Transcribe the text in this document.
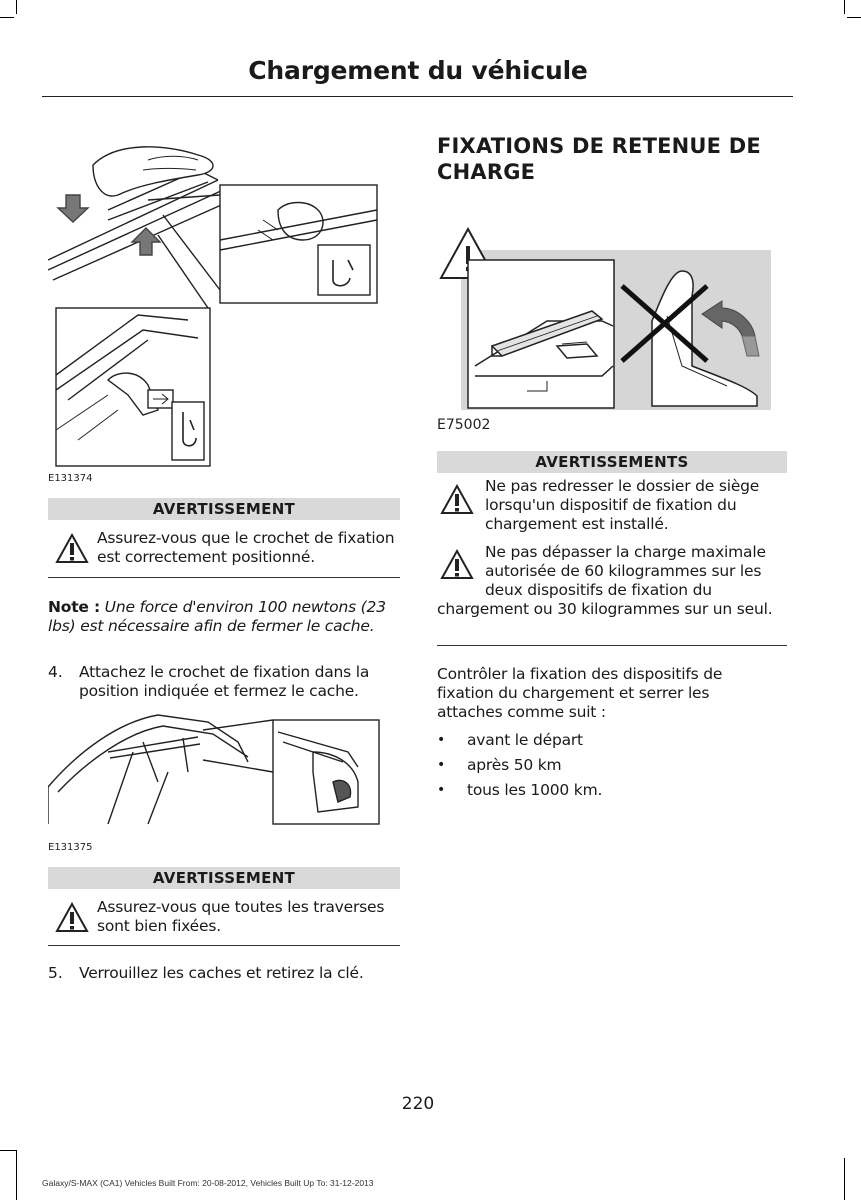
Chargement du véhicule
E131374
AVERTISSEMENT
Assurez-vous que le crochet de fixation est correctement positionné.
Note : Une force d'environ 100 newtons (23 lbs) est nécessaire afin de fermer le cache.
4. Attachez le crochet de fixation dans la position indiquée et fermez le cache.
E131375
AVERTISSEMENT
Assurez-vous que toutes les traverses sont bien fixées.
5. Verrouillez les caches et retirez la clé.
FIXATIONS DE RETENUE DE CHARGE
E75002
AVERTISSEMENTS
Ne pas redresser le dossier de siège lorsqu'un dispositif de fixation du chargement est installé.
Ne pas dépasser la charge maximale autorisée de 60 kilogrammes sur les deux dispositifs de fixation du
chargement ou 30 kilogrammes sur un seul.
Contrôler la fixation des dispositifs de fixation du chargement et serrer les attaches comme suit :
• avant le départ
• après 50 km
• tous les 1000 km.
220
Galaxy/S-MAX (CA1) Vehicles Built From: 20-08-2012, Vehicles Built Up To: 31-12-2013
